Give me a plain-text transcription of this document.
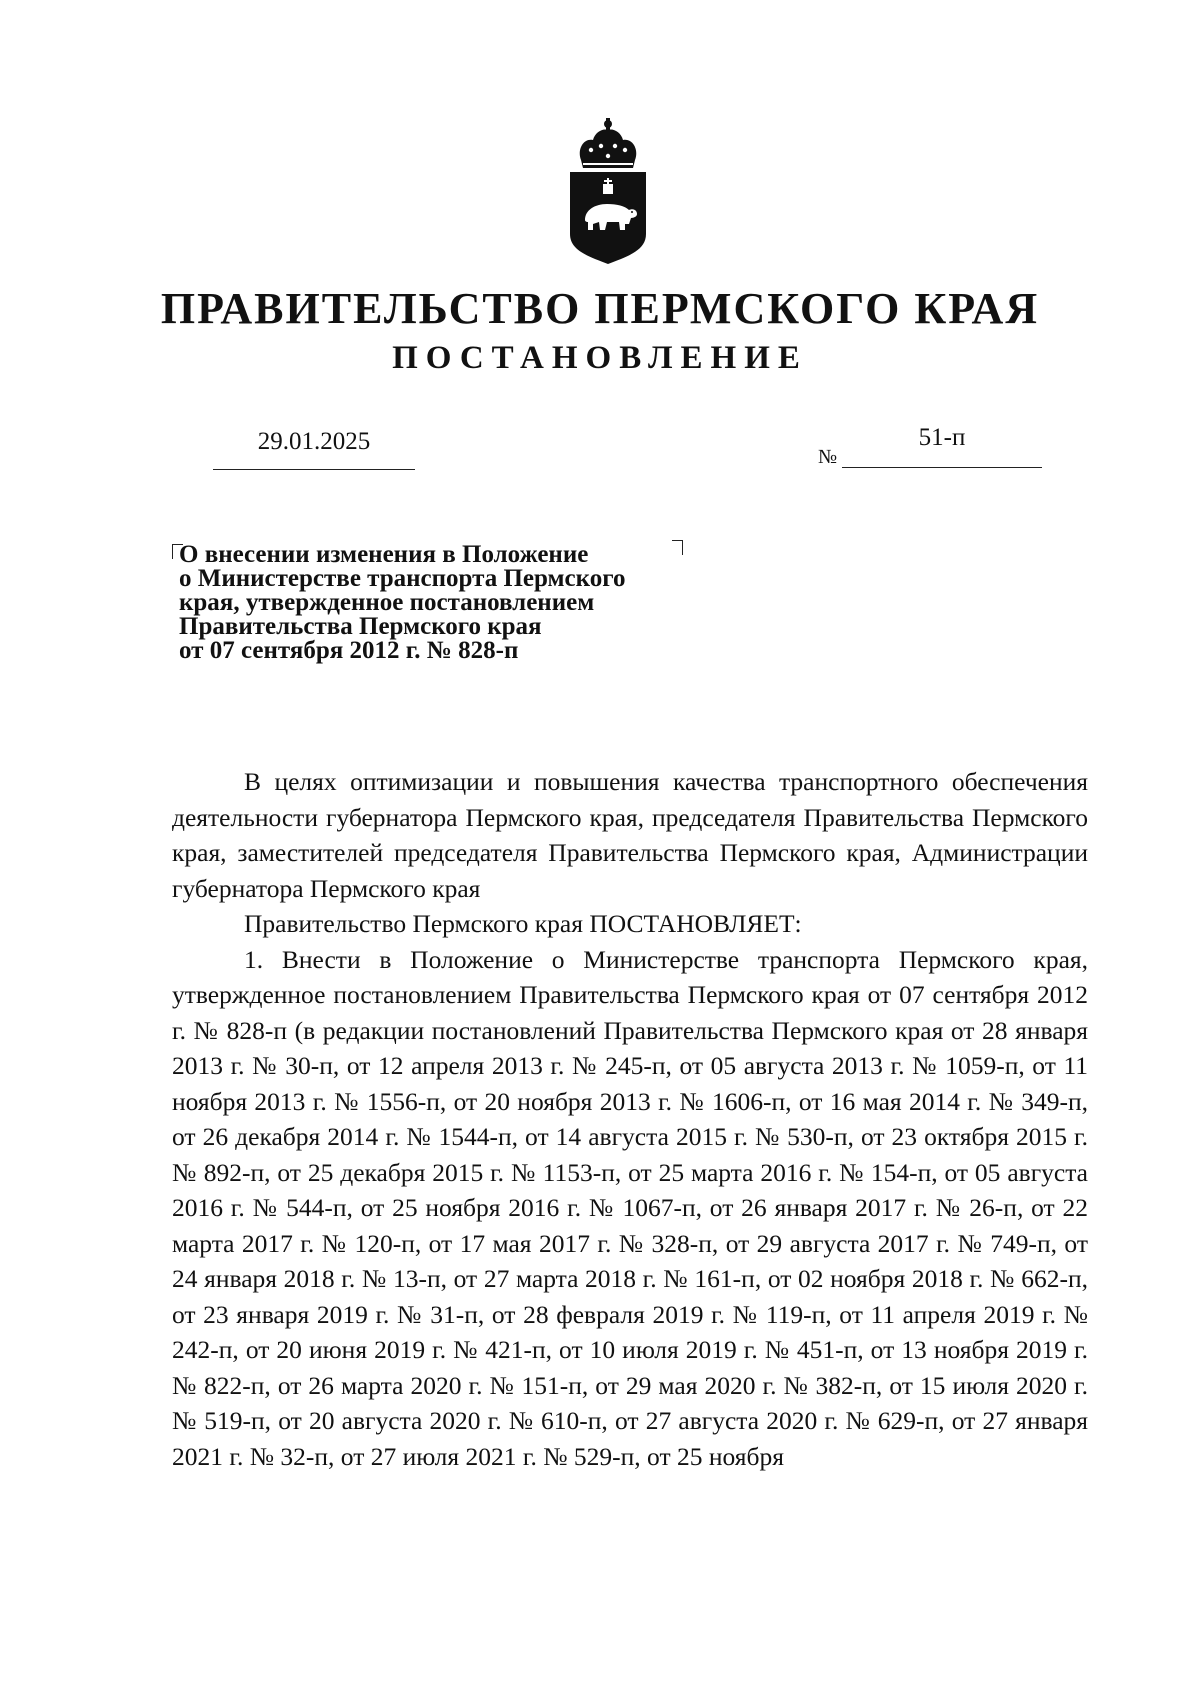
ПРАВИТЕЛЬСТВО ПЕРМСКОГО КРАЯ
ПОСТАНОВЛЕНИЕ
29.01.2025
№
51-п
О внесении изменения в Положение
о Министерстве транспорта Пермского
края, утвержденное постановлением
Правительства Пермского края
от 07 сентября 2012 г. № 828-п

В целях оптимизации и повышения качества транспортного обеспечения деятельности губернатора Пермского края, председателя Правительства Пермского края, заместителей председателя Правительства Пермского края, Администрации губернатора Пермского края

Правительство Пермского края ПОСТАНОВЛЯЕТ:

1. Внести в Положение о Министерстве транспорта Пермского края, утвержденное постановлением Правительства Пермского края от 07 сентября 2012 г. № 828-п (в редакции постановлений Правительства Пермского края от 28 января 2013 г. № 30-п, от 12 апреля 2013 г. № 245-п, от 05 августа 2013 г. № 1059-п, от 11 ноября 2013 г. № 1556-п, от 20 ноября 2013 г. № 1606-п, от 16 мая 2014 г. № 349-п, от 26 декабря 2014 г. № 1544-п, от 14 августа 2015 г. № 530-п, от 23 октября 2015 г. № 892-п, от 25 декабря 2015 г. № 1153-п, от 25 марта 2016 г. № 154-п, от 05 августа 2016 г. № 544-п, от 25 ноября 2016 г. № 1067-п, от 26 января 2017 г. № 26-п, от 22 марта 2017 г. № 120-п, от 17 мая 2017 г. № 328-п, от 29 августа 2017 г. № 749-п, от 24 января 2018 г. № 13-п, от 27 марта 2018 г. № 161-п, от 02 ноября 2018 г. № 662-п, от 23 января 2019 г. № 31-п, от 28 февраля 2019 г. № 119-п, от 11 апреля 2019 г. № 242-п, от 20 июня 2019 г. № 421-п, от 10 июля 2019 г. № 451-п, от 13 ноября 2019 г. № 822-п, от 26 марта 2020 г. № 151-п, от 29 мая 2020 г. № 382-п, от 15 июля 2020 г. № 519-п, от 20 августа 2020 г. № 610-п, от 27 августа 2020 г. № 629-п, от 27 января 2021 г. № 32-п, от 27 июля 2021 г. № 529-п, от 25 ноября
